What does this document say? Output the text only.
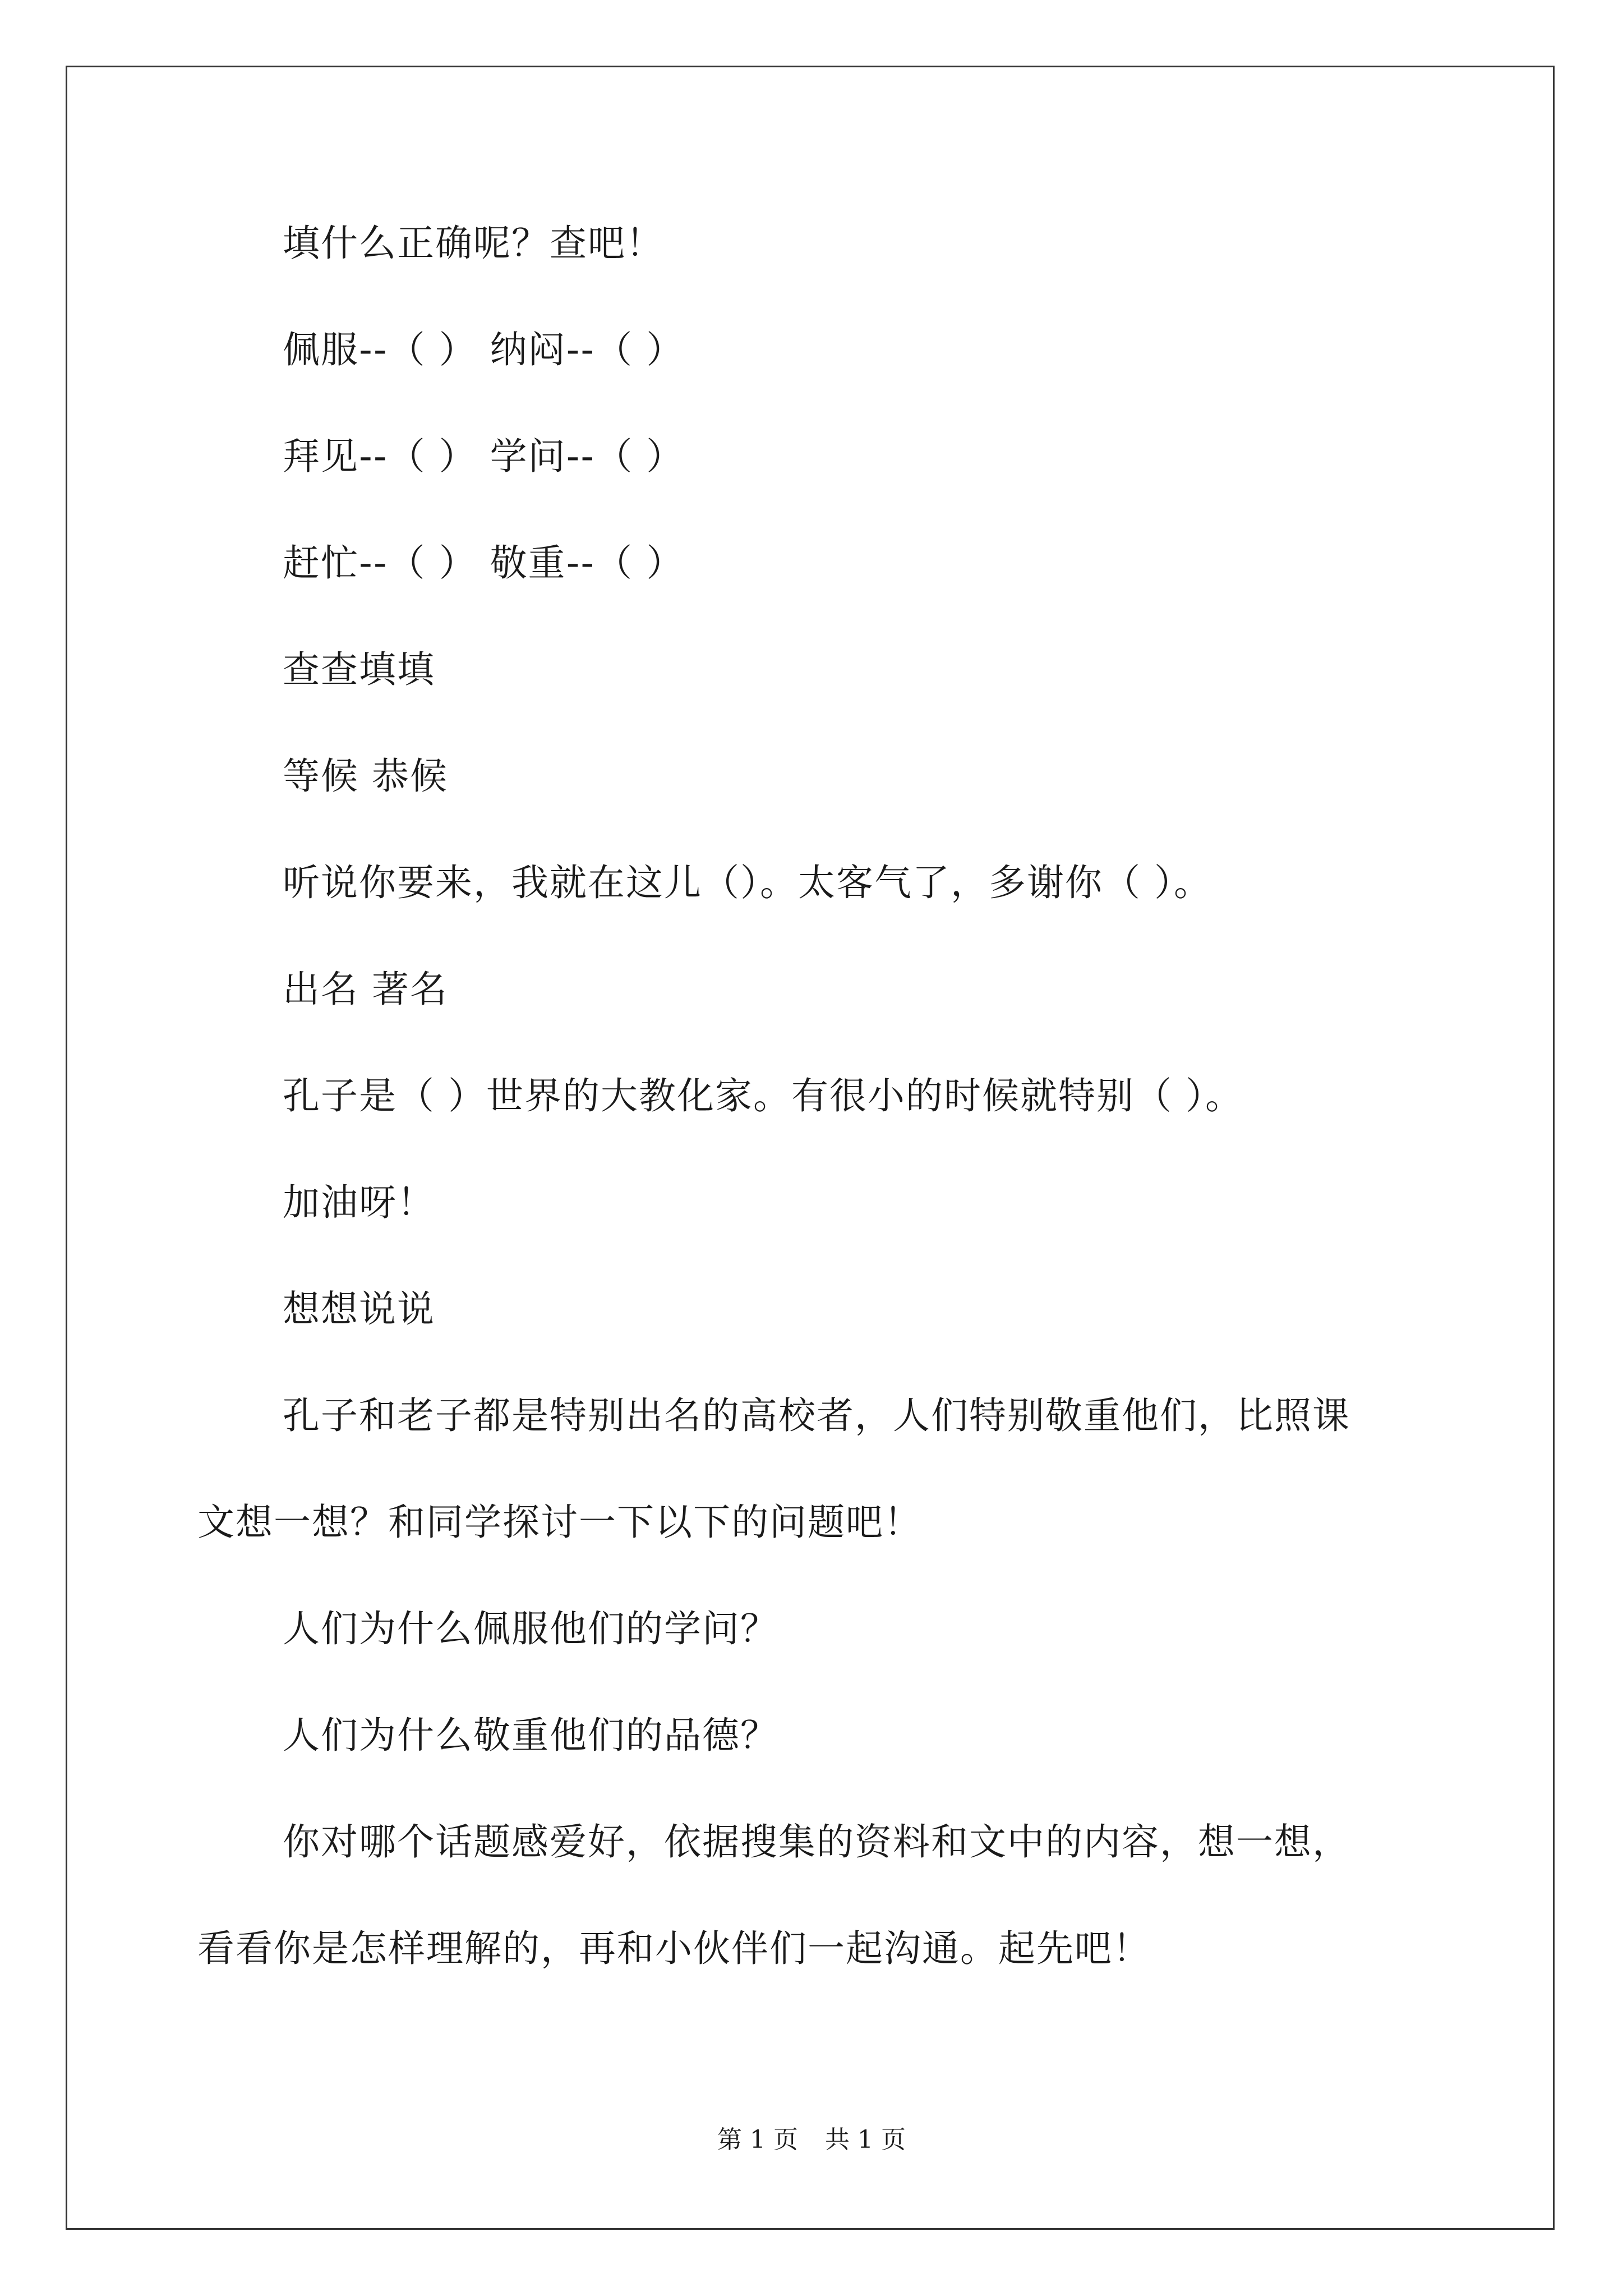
填什么正确呢？查吧！
佩服--（ ） 纳闷--（ ）
拜见--（ ） 学问--（ ）
赶忙--（ ） 敬重--（ ）
查查填填
等候 恭候
听说你要来，我就在这儿（）。太客气了，多谢你（ ）。
出名 著名
孔子是（ ）世界的大教化家。有很小的时候就特别（ ）。
加油呀！
想想说说
孔子和老子都是特别出名的高校者，人们特别敬重他们，比照课
文想一想？和同学探讨一下以下的问题吧！
人们为什么佩服他们的学问？
人们为什么敬重他们的品德？
你对哪个话题感爱好，依据搜集的资料和文中的内容，想一想，
看看你是怎样理解的，再和小伙伴们一起沟通。起先吧！
第 1 页 共 1 页
